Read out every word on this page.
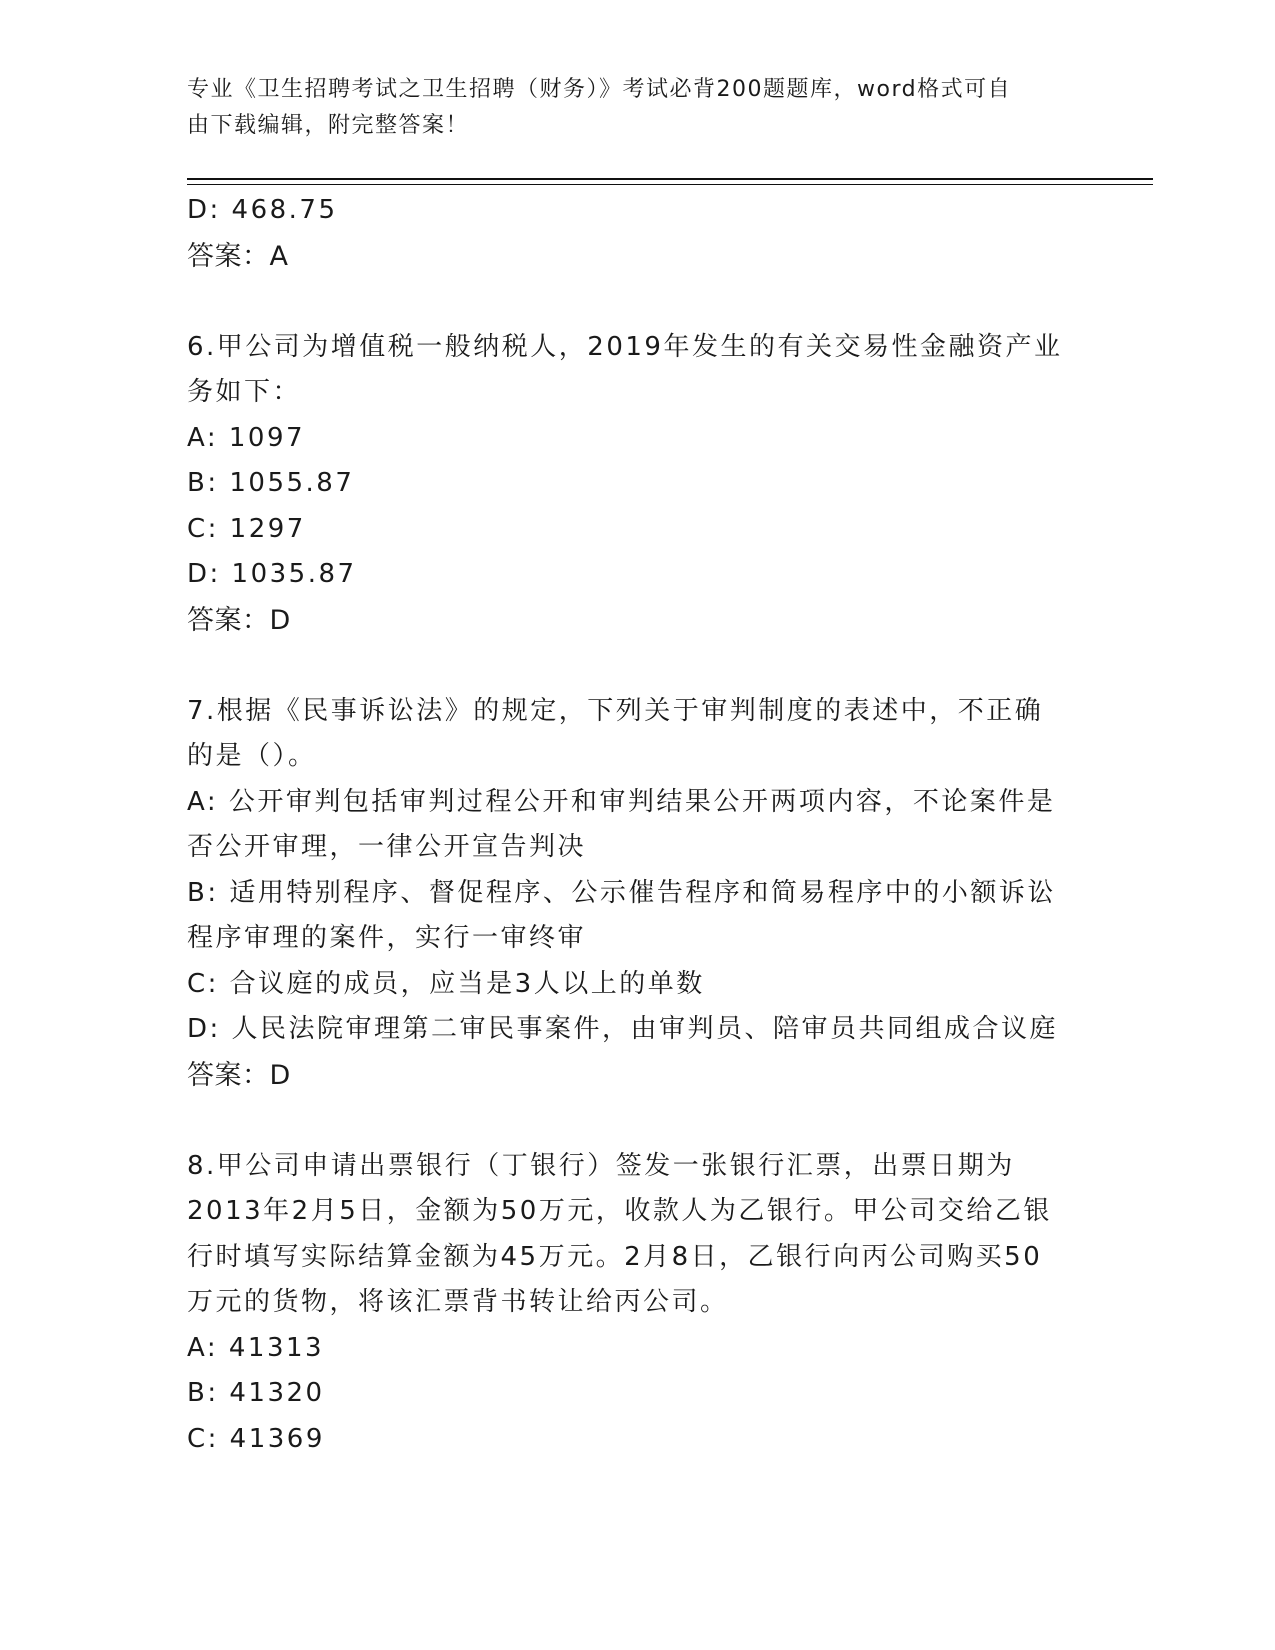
专业《卫生招聘考试之卫生招聘（财务）》考试必背200题题库，word格式可自
由下载编辑，附完整答案！
D: 468.75
答案：A
6.甲公司为增值税一般纳税人，2019年发生的有关交易性金融资产业
务如下：
A: 1097
B: 1055.87
C: 1297
D: 1035.87
答案：D
7.根据《民事诉讼法》的规定，下列关于审判制度的表述中，不正确
的是（）。
A: 公开审判包括审判过程公开和审判结果公开两项内容，不论案件是
否公开审理，一律公开宣告判决
B: 适用特别程序、督促程序、公示催告程序和简易程序中的小额诉讼
程序审理的案件，实行一审终审
C: 合议庭的成员，应当是3人以上的单数
D: 人民法院审理第二审民事案件，由审判员、陪审员共同组成合议庭
答案：D
8.甲公司申请出票银行（丁银行）签发一张银行汇票，出票日期为
2013年2月5日，金额为50万元，收款人为乙银行。甲公司交给乙银
行时填写实际结算金额为45万元。2月8日，乙银行向丙公司购买50
万元的货物，将该汇票背书转让给丙公司。
A: 41313
B: 41320
C: 41369
